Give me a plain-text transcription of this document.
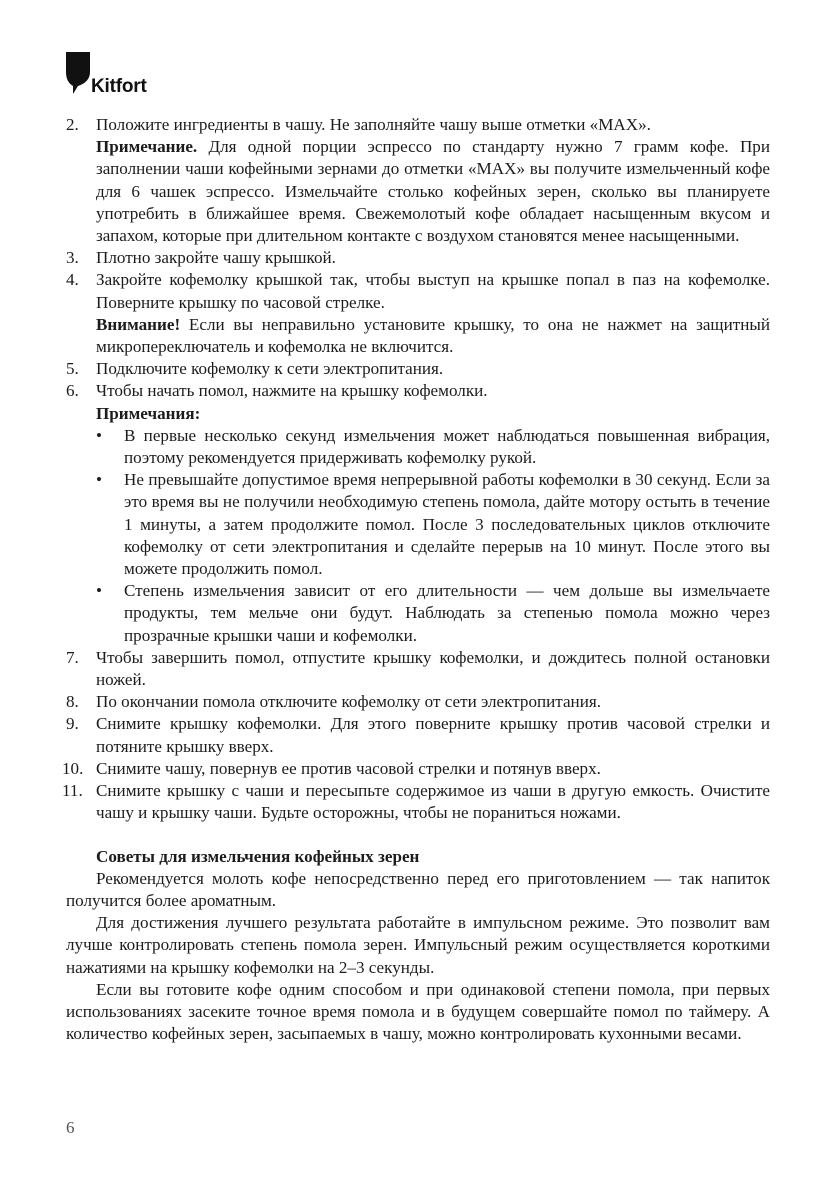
Kitfort
2. Положите ингредиенты в чашу. Не заполняйте чашу выше отметки «MAX».

Примечание. Для одной порции эспрессо по стандарту нужно 7 грамм кофе. При заполнении чаши кофейными зернами до отметки «MAX» вы получите измельченный кофе для 6 чашек эспрессо. Измельчайте столько кофейных зерен, сколько вы планируете употребить в ближайшее время. Свежемолотый кофе обладает насыщенным вкусом и запахом, которые при длительном контакте с воздухом становятся менее насыщенными.

3. Плотно закройте чашу крышкой.

4. Закройте кофемолку крышкой так, чтобы выступ на крышке попал в паз на кофемолке. Поверните крышку по часовой стрелке.

Внимание! Если вы неправильно установите крышку, то она не нажмет на защитный микропереключатель и кофемолка не включится.

5. Подключите кофемолку к сети электропитания.

6. Чтобы начать помол, нажмите на крышку кофемолки.

Примечания:

• В первые несколько секунд измельчения может наблюдаться повышенная вибрация, поэтому рекомендуется придерживать кофемолку рукой.
• Не превышайте допустимое время непрерывной работы кофемолки в 30 секунд. Если за это время вы не получили необходимую степень помола, дайте мотору остыть в течение 1 минуты, а затем продолжите помол. После 3 последовательных циклов отключите кофемолку от сети электропитания и сделайте перерыв на 10 минут. После этого вы можете продолжить помол.
• Степень измельчения зависит от его длительности — чем дольше вы измельчаете продукты, тем мельче они будут. Наблюдать за степенью помола можно через прозрачные крышки чаши и кофемолки.
7. Чтобы завершить помол, отпустите крышку кофемолки, и дождитесь полной остановки ножей.

8. По окончании помола отключите кофемолку от сети электропитания.

9. Снимите крышку кофемолки. Для этого поверните крышку против часовой стрелки и потяните крышку вверх.

10. Снимите чашу, повернув ее против часовой стрелки и потянув вверх.

11. Снимите крышку с чаши и пересыпьте содержимое из чаши в другую емкость. Очистите чашу и крышку чаши. Будьте осторожны, чтобы не пораниться ножами.

Советы для измельчения кофейных зерен

Рекомендуется молоть кофе непосредственно перед его приготовлением — так напиток получится более ароматным.

Для достижения лучшего результата работайте в импульсном режиме. Это позволит вам лучше контролировать степень помола зерен. Импульсный режим осуществляется короткими нажатиями на крышку кофемолки на 2–3 секунды.

Если вы готовите кофе одним способом и при одинаковой степени помола, при первых использованиях засеките точное время помола и в будущем совершайте помол по таймеру. А количество кофейных зерен, засыпаемых в чашу, можно контролировать кухонными весами.

6
